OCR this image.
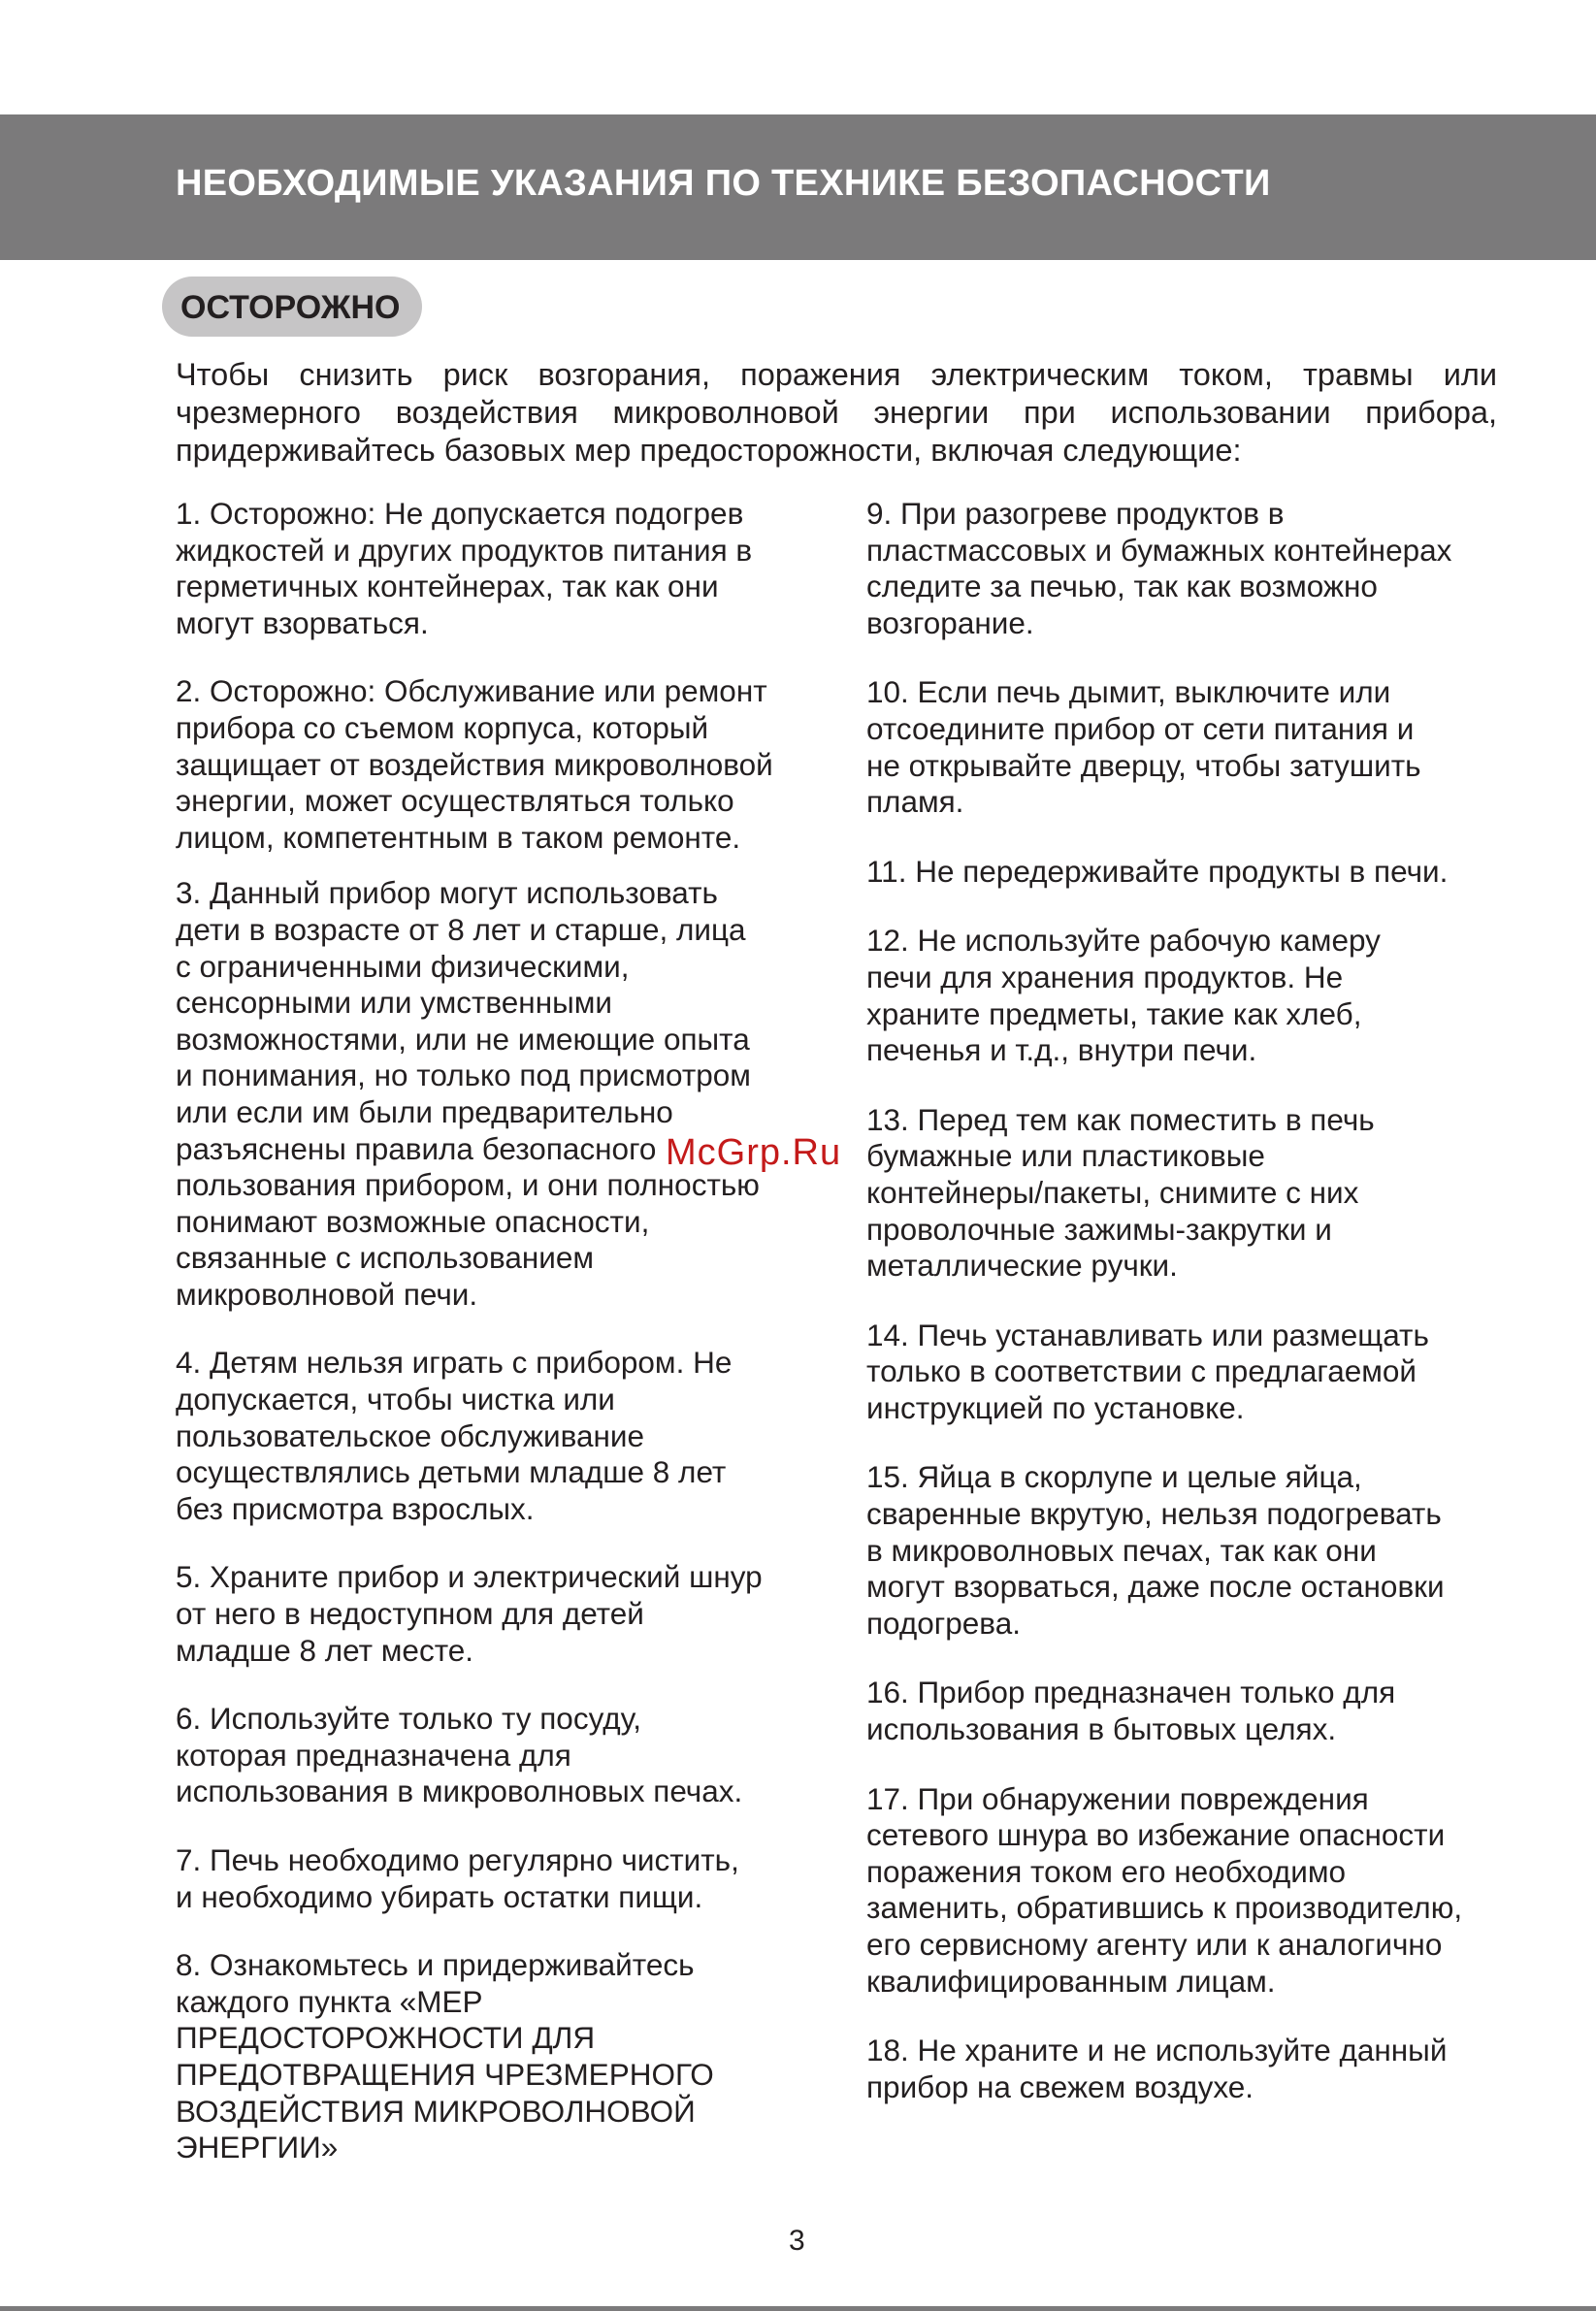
НЕОБХОДИМЫЕ УКАЗАНИЯ ПО ТЕХНИКЕ БЕЗОПАСНОСТИ
ОСТОРОЖНО

Чтобы снизить риск возгорания, поражения электрическим током, травмы или чрезмерного воздействия микроволновой энергии при использовании прибора, придерживайтесь базовых мер предосторожности, включая следующие:

1. Осторожно: Не допускается подогрев
жидкостей и других продуктов питания в
герметичных контейнерах, так как они
могут взорваться.

2. Осторожно: Обслуживание или ремонт
прибора со съемом корпуса, который
защищает от воздействия микроволновой
энергии, может осуществляться только
лицом, компетентным в таком ремонте.

3. Данный прибор могут использовать
дети в возрасте от 8 лет и старше, лица
с ограниченными физическими,
сенсорными или умственными
возможностями, или не имеющие опыта
и понимания, но только под присмотром
или если им были предварительно
разъяснены правила безопасного
пользования прибором, и они полностью
понимают возможные опасности,
связанные с использованием
микроволновой печи.

4. Детям нельзя играть с прибором. Не
допускается, чтобы чистка или
пользовательское обслуживание
осуществлялись детьми младше 8 лет
без присмотра взрослых.

5. Храните прибор и электрический шнур
от него в недоступном для детей
младше 8 лет месте.

6. Используйте только ту посуду,
которая предназначена для
использования в микроволновых печах.

7. Печь необходимо регулярно чистить,
и необходимо убирать остатки пищи.

8. Ознакомьтесь и придерживайтесь
каждого пункта «МЕР
ПРЕДОСТОРОЖНОСТИ ДЛЯ
ПРЕДОТВРАЩЕНИЯ ЧРЕЗМЕРНОГО
ВОЗДЕЙСТВИЯ МИКРОВОЛНОВОЙ
ЭНЕРГИИ»

9. При разогреве продуктов в
пластмассовых и бумажных контейнерах
следите за печью, так как возможно
возгорание.

10. Если печь дымит, выключите или
отсоедините прибор от сети питания и
не открывайте дверцу, чтобы затушить
пламя.

11. Не передерживайте продукты в печи.

12. Не используйте рабочую камеру
печи для хранения продуктов. Не
храните предметы, такие как хлеб,
печенья и т.д., внутри печи.

13. Перед тем как поместить в печь
бумажные или пластиковые
контейнеры/пакеты, снимите с них
проволочные зажимы-закрутки и
металлические ручки.

14. Печь устанавливать или размещать
только в соответствии с предлагаемой
инструкцией по установке.

15. Яйца в скорлупе и целые яйца,
сваренные вкрутую, нельзя подогревать
в микроволновых печах, так как они
могут взорваться, даже после остановки
подогрева.

16. Прибор предназначен только для
использования в бытовых целях.

17. При обнаружении повреждения
сетевого шнура во избежание опасности
поражения током его необходимо
заменить, обратившись к производителю,
его сервисному агенту или к аналогично
квалифицированным лицам.

18. Не храните и не используйте данный
прибор на свежем воздухе.

McGrp.Ru
3
